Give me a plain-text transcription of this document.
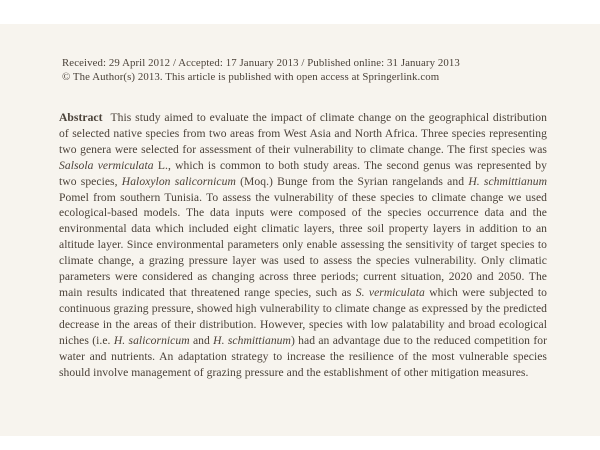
Received: 29 April 2012 / Accepted: 17 January 2013 / Published online: 31 January 2013
© The Author(s) 2013. This article is published with open access at Springerlink.com

Abstract This study aimed to evaluate the impact of climate change on the geographical distribution of selected native species from two areas from West Asia and North Africa. Three species representing two genera were selected for assessment of their vulnerability to climate change. The first species was Salsola vermiculata L., which is common to both study areas. The second genus was represented by two species, Haloxylon salicornicum (Moq.) Bunge from the Syrian rangelands and H. schmittianum Pomel from southern Tunisia. To assess the vulnerability of these species to climate change we used ecological-based models. The data inputs were composed of the species occurrence data and the environmental data which included eight climatic layers, three soil property layers in addition to an altitude layer. Since environmental parameters only enable assessing the sensitivity of target species to climate change, a grazing pressure layer was used to assess the species vulnerability. Only climatic parameters were considered as changing across three periods; current situation, 2020 and 2050. The main results indicated that threatened range species, such as S. vermiculata which were subjected to continuous grazing pressure, showed high vulnerability to climate change as expressed by the predicted decrease in the areas of their distribution. However, species with low palatability and broad ecological niches (i.e. H. salicornicum and H. schmittianum) had an advantage due to the reduced competition for water and nutrients. An adaptation strategy to increase the resilience of the most vulnerable species should involve management of grazing pressure and the establishment of other mitigation measures.
